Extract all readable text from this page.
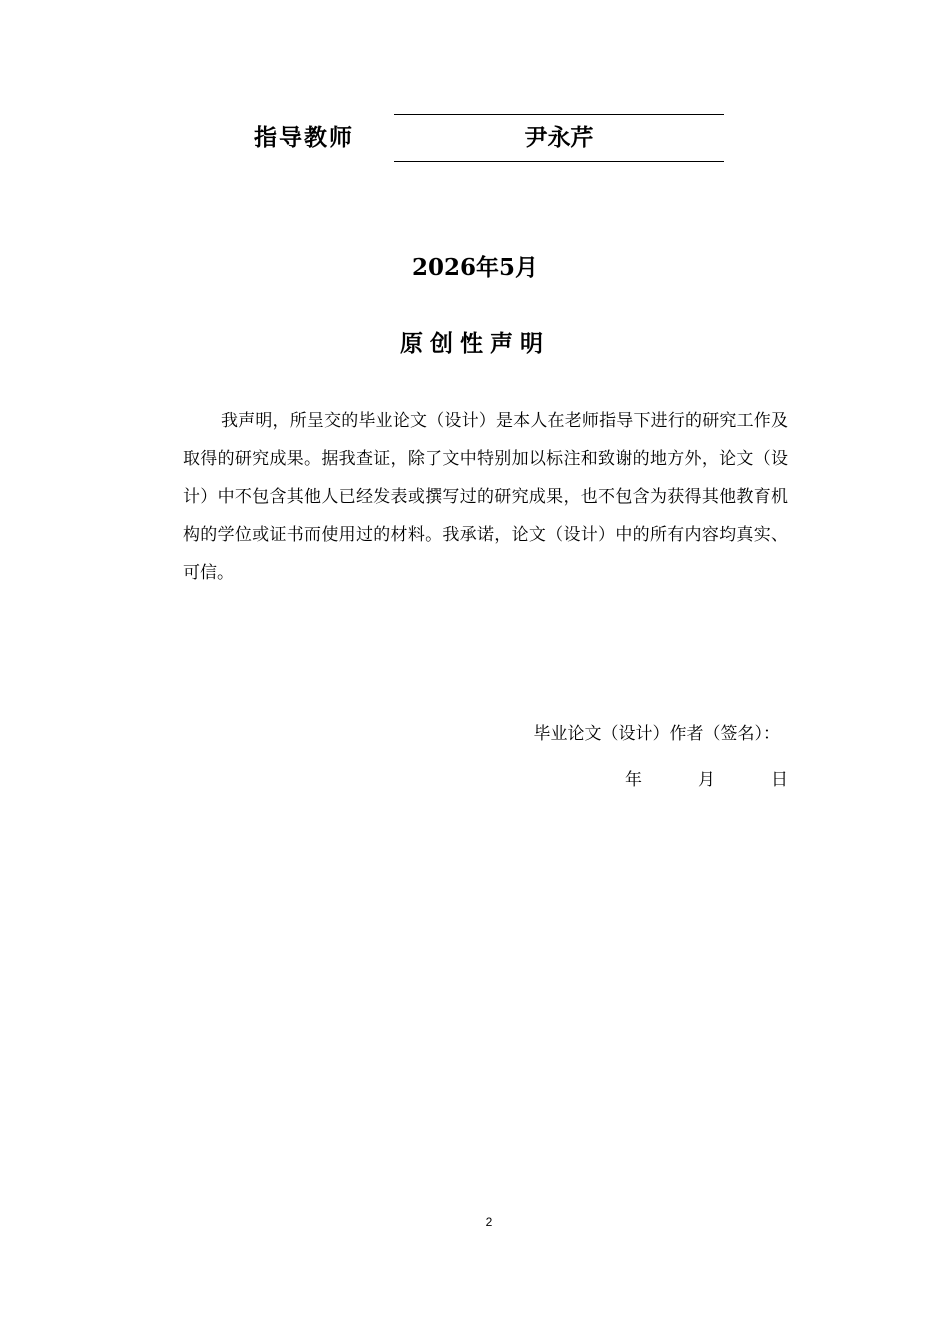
指导教师	尹永芹
2026年5月
原创性声明

我声明，所呈交的毕业论文（设计）是本人在老师指导下进行的研究工作及取得的研究成果。据我查证，除了文中特别加以标注和致谢的地方外，论文（设计）中不包含其他人已经发表或撰写过的研究成果，也不包含为获得其他教育机构的学位或证书而使用过的材料。我承诺，论文（设计）中的所有内容均真实、可信。

毕业论文（设计）作者（签名）：
年	月	日
2
